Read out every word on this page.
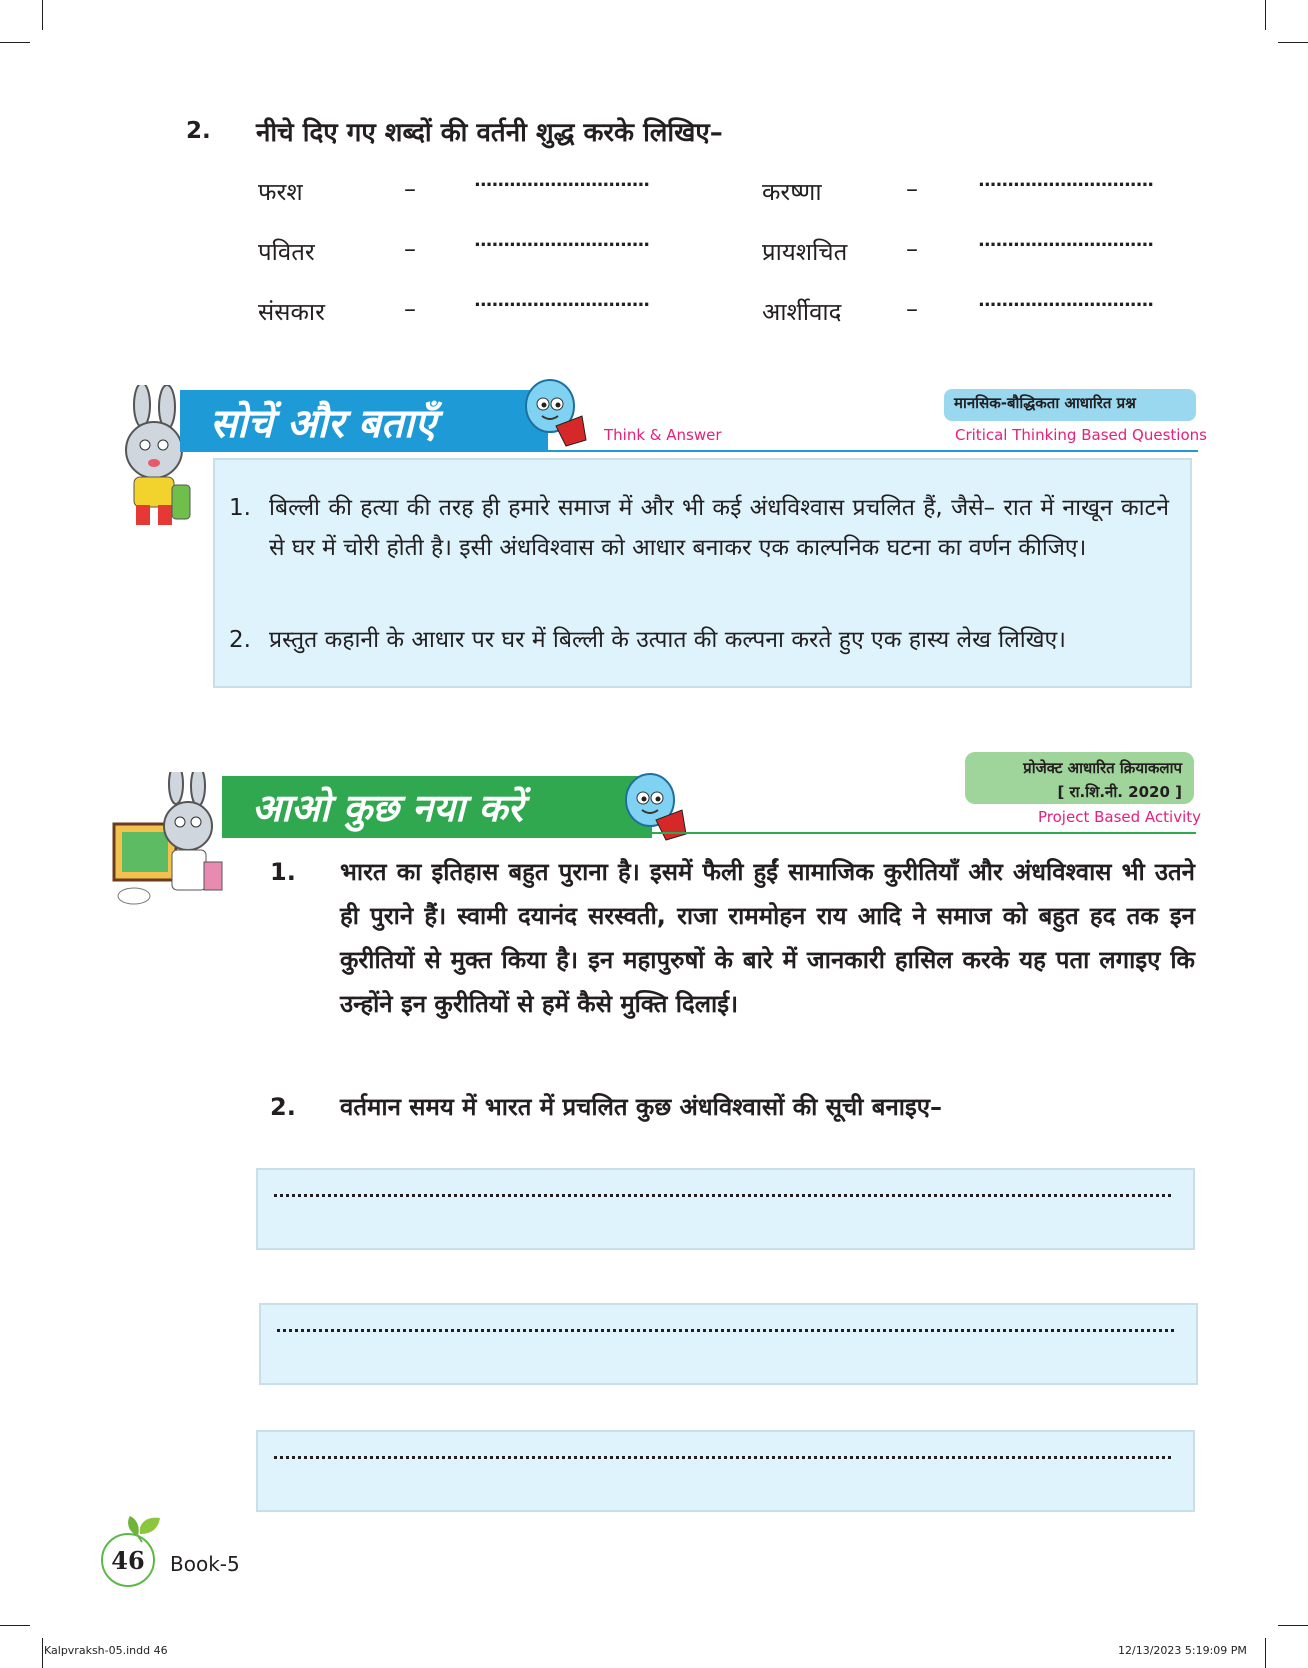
2. नीचे दिए गए शब्दों की वर्तनी शुद्ध करके लिखिए–
फरश	–	..............................	करष्णा	–	..............................
पवितर	–	..............................	प्रायशचित –	..............................
संसकार	–	..............................	आर्शीवाद	–	..............................
सोचें और बताएँ	Think & Answer
मानसिक-बौद्धिकता आधारित प्रश्न
Critical Thinking Based Questions
1. बिल्ली की हत्या की तरह ही हमारे समाज में और भी कई अंधविश्वास प्रचलित हैं, जैसे– रात में नाखून काटने से घर में चोरी होती है। इसी अंधविश्वास को आधार बनाकर एक काल्पनिक घटना का वर्णन कीजिए।
2. प्रस्तुत कहानी के आधार पर घर में बिल्ली के उत्पात की कल्पना करते हुए एक हास्य लेख लिखिए।
आओ कुछ नया करें
प्रोजेक्ट आधारित क्रियाकलाप
[ रा.शि.नी. 2020 ]
Project Based Activity
1. भारत का इतिहास बहुत पुराना है। इसमें फैली हुईं सामाजिक कुरीतियाँ और अंधविश्वास भी उतने ही पुराने हैं। स्वामी दयानंद सरस्वती, राजा राममोहन राय आदि ने समाज को बहुत हद तक इन कुरीतियों से मुक्त किया है। इन महापुरुषों के बारे में जानकारी हासिल करके यह पता लगाइए कि उन्होंने इन कुरीतियों से हमें कैसे मुक्ति दिलाई।
2. वर्तमान समय में भारत में प्रचलित कुछ अंधविश्वासों की सूची बनाइए–
46	Book-5
Kalpvraksh-05.indd 46	12/13/2023 5:19:09 PM
